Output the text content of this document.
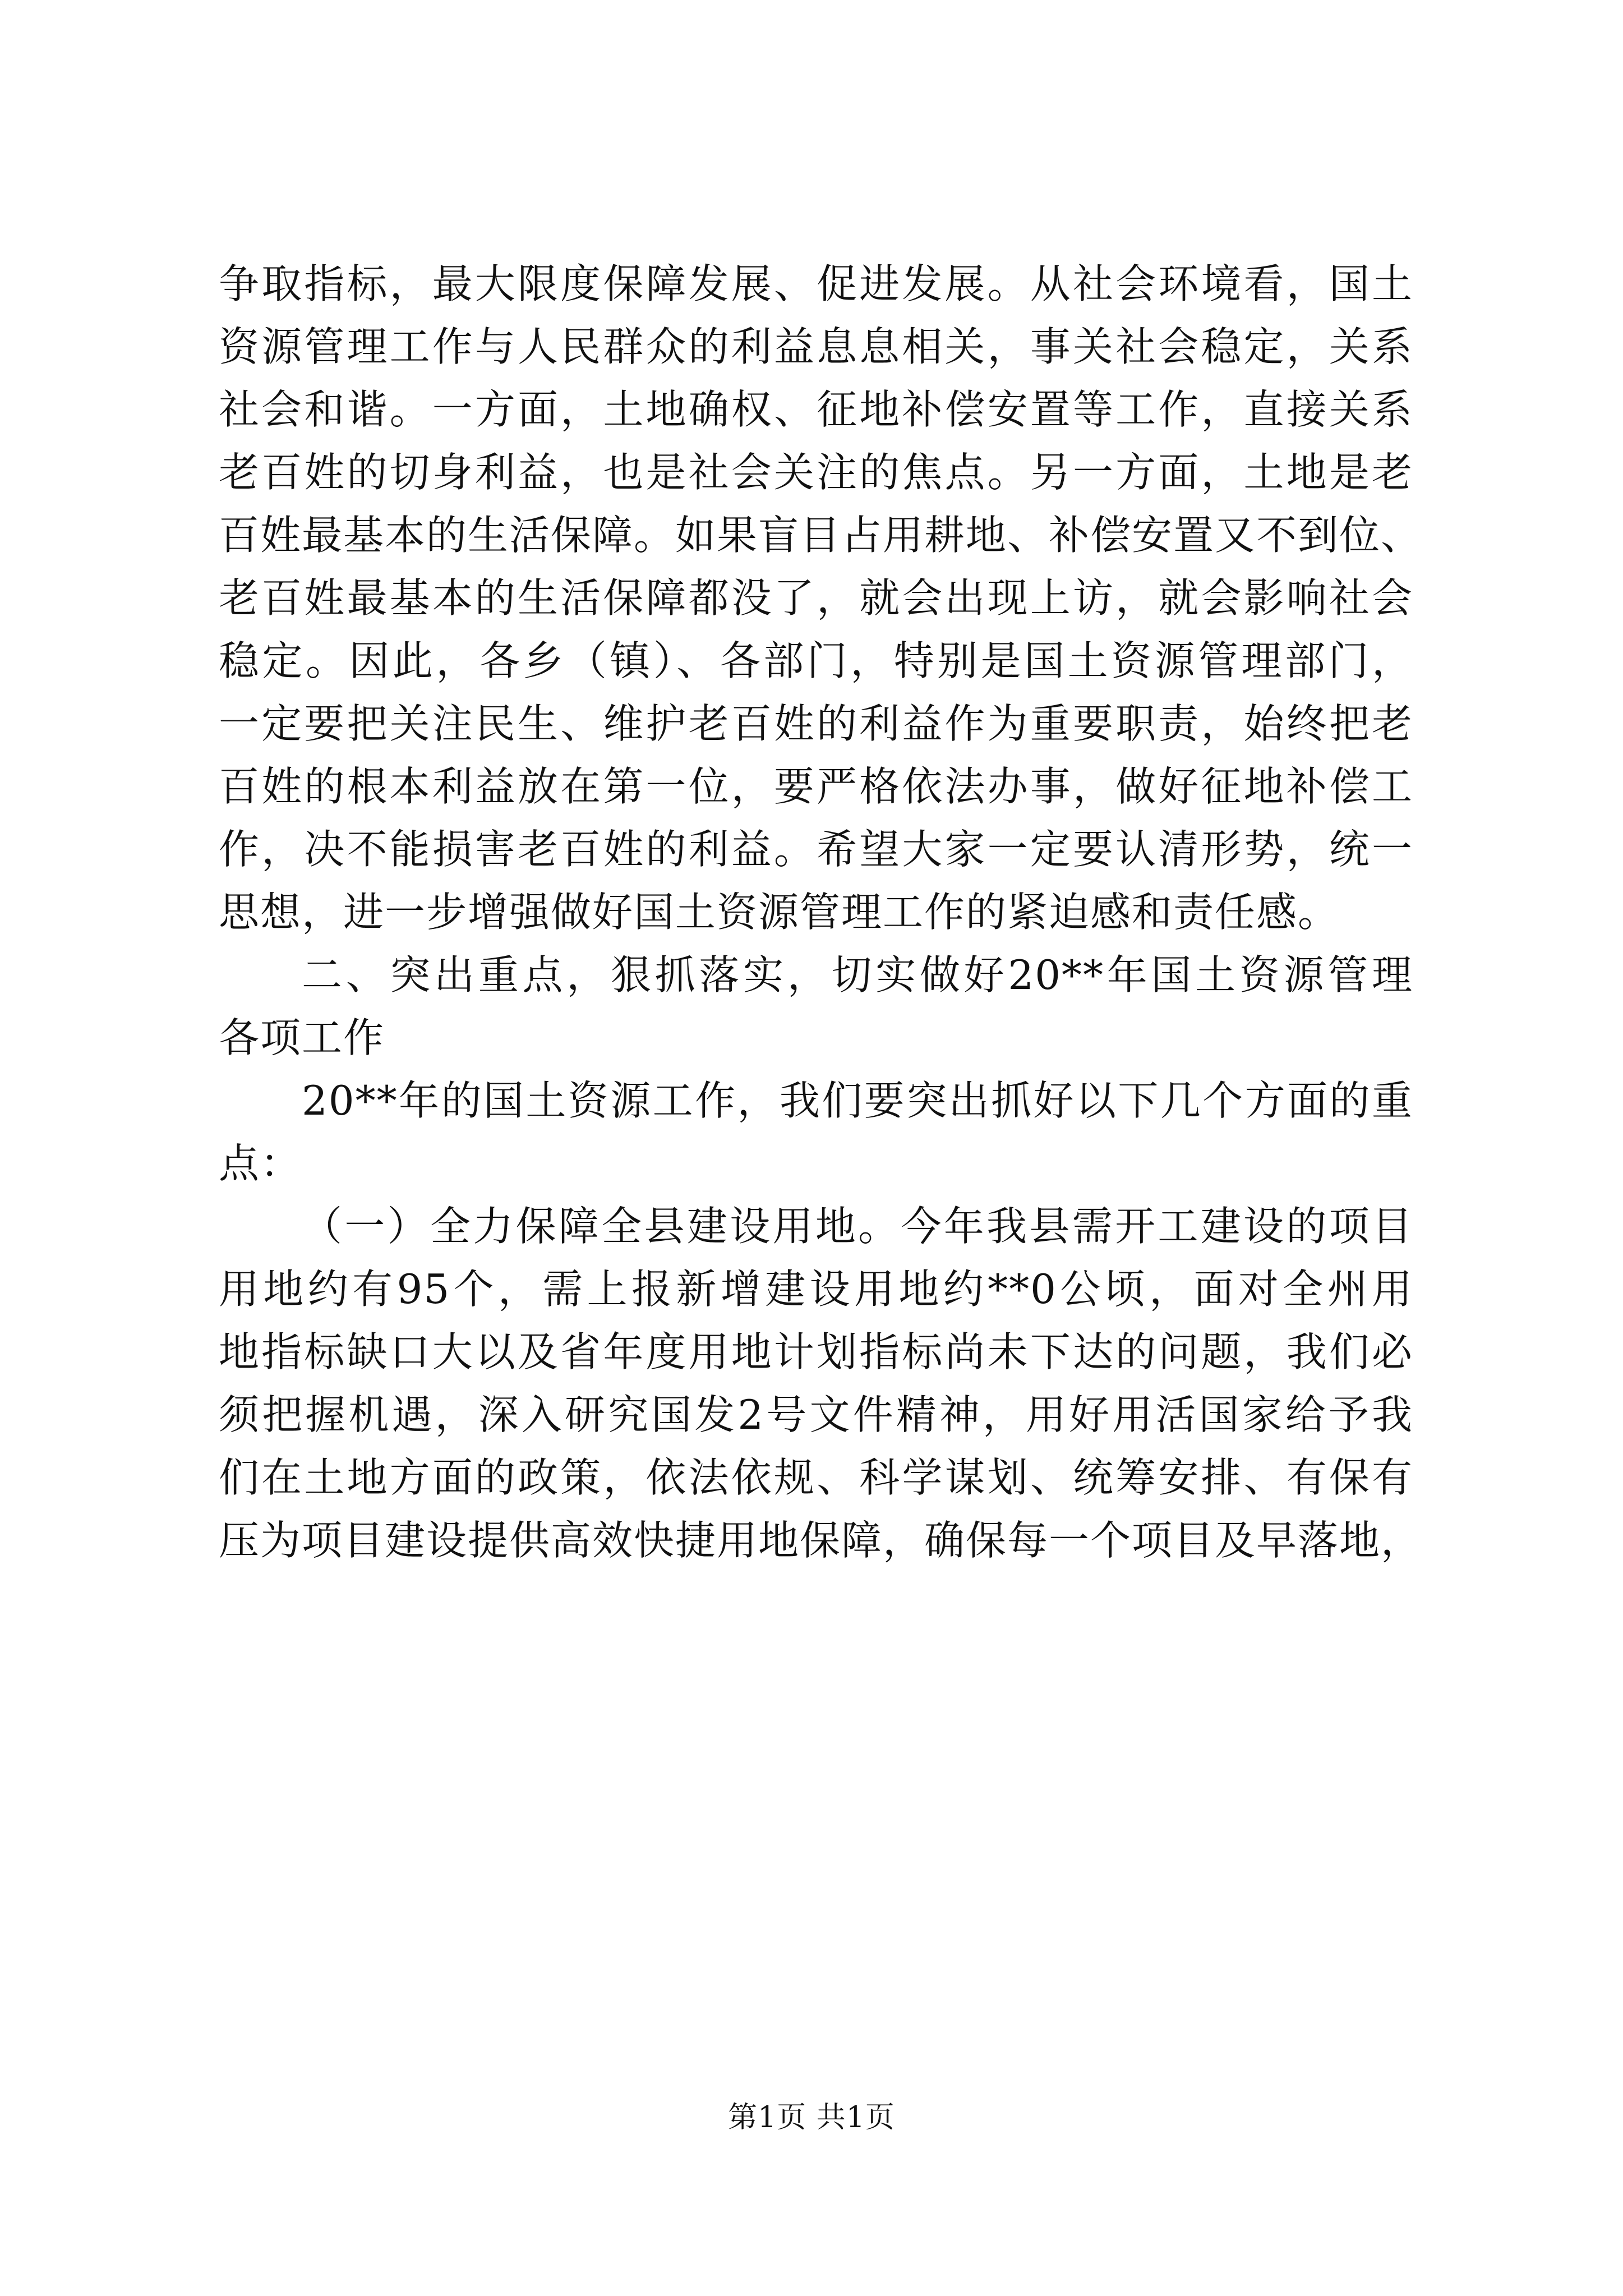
争取指标，最大限度保障发展、促进发展。从社会环境看，国土
资源管理工作与人民群众的利益息息相关，事关社会稳定，关系
社会和谐。一方面，土地确权、征地补偿安置等工作，直接关系
老百姓的切身利益，也是社会关注的焦点。另一方面，土地是老
百姓最基本的生活保障。如果盲目占用耕地、补偿安置又不到位、
老百姓最基本的生活保障都没了，就会出现上访，就会影响社会
稳定。因此，各乡（镇）、各部门，特别是国土资源管理部门，
一定要把关注民生、维护老百姓的利益作为重要职责，始终把老
百姓的根本利益放在第一位，要严格依法办事，做好征地补偿工
作，决不能损害老百姓的利益。希望大家一定要认清形势，统一
思想，进一步增强做好国土资源管理工作的紧迫感和责任感。
二、突出重点，狠抓落实，切实做好20**年国土资源管理
各项工作
20**年的国土资源工作，我们要突出抓好以下几个方面的重
点：
（一）全力保障全县建设用地。今年我县需开工建设的项目
用地约有95个，需上报新增建设用地约**0公顷，面对全州用
地指标缺口大以及省年度用地计划指标尚未下达的问题，我们必
须把握机遇，深入研究国发2号文件精神，用好用活国家给予我
们在土地方面的政策，依法依规、科学谋划、统筹安排、有保有
压为项目建设提供高效快捷用地保障，确保每一个项目及早落地，
第1页 共1页
